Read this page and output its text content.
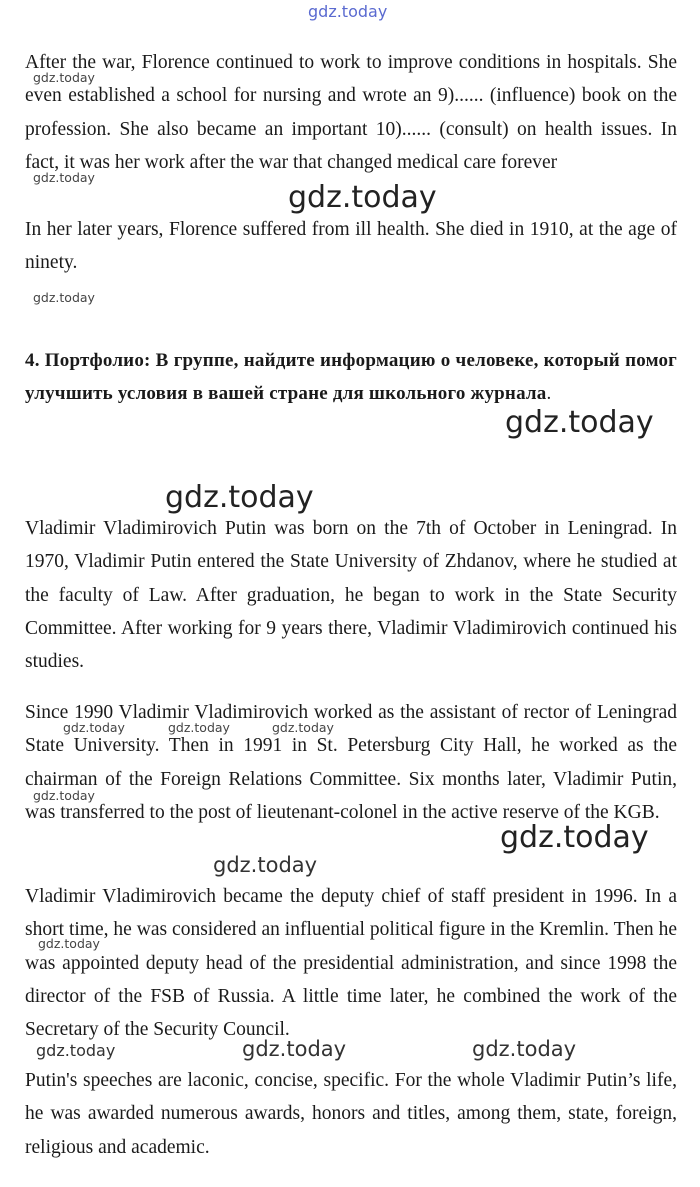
gdz.today

After the war, Florence continued to work to improve conditions in hospitals. She even established a school for nursing and wrote an 9)...... (influence) book on the profession. She also became an important 10)...... (consult) on health issues. In fact, it was her work after the war that changed medical care forever

In her later years, Florence suffered from ill health. She died in 1910, at the age of ninety.

4. Портфолио: В группе, найдите информацию о человеке, который помог улучшить условия в вашей стране для школьного журнала.

Vladimir Vladimirovich Putin was born on the 7th of October in Leningrad. In 1970, Vladimir Putin entered the State University of Zhdanov, where he studied at the faculty of Law. After graduation, he began to work in the State Security Committee. After working for 9 years there, Vladimir Vladimirovich continued his studies.

Since 1990 Vladimir Vladimirovich worked as the assistant of rector of Leningrad State University. Then in 1991 in St. Petersburg City Hall, he worked as the chairman of the Foreign Relations Committee. Six months later, Vladimir Putin, was transferred to the post of lieutenant-colonel in the active reserve of the KGB.

Vladimir Vladimirovich became the deputy chief of staff president in 1996. In a short time, he was considered an influential political figure in the Kremlin. Then he was appointed deputy head of the presidential administration, and since 1998 the director of the FSB of Russia. A little time later, he combined the work of the Secretary of the Security Council.

Putin's speeches are laconic, concise, specific. For the whole Vladimir Putin’s life, he was awarded numerous awards, honors and titles, among them, state, foreign, religious and academic.

gdz.today
gdz.today
gdz.today
gdz.today
gdz.today
gdz.today
gdz.today	gdz.today	gdz.today
gdz.today
gdz.today
gdz.today
gdz.today
gdz.today	gdz.today	gdz.today
